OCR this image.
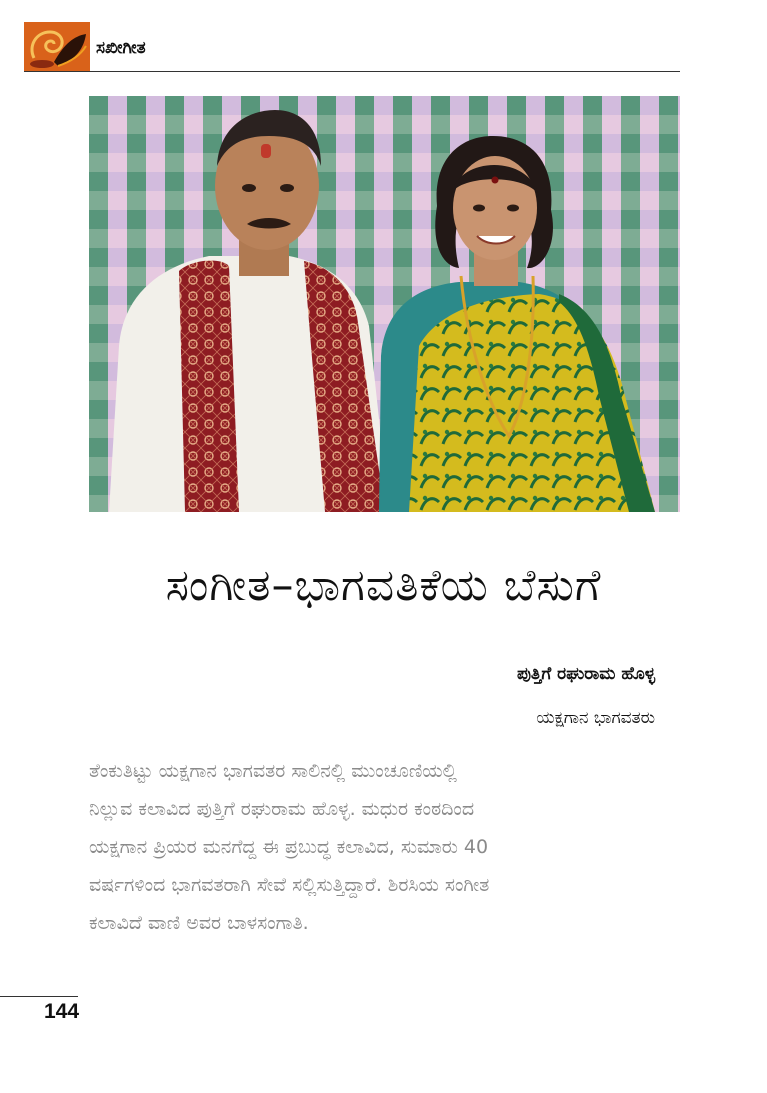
ಸಖೀಗೀತ
ಸಂಗೀತ–ಭಾಗವತಿಕೆಯ ಬೆಸುಗೆ
ಪುತ್ತಿಗೆ ರಘುರಾಮ ಹೊಳ್ಳ
ಯಕ್ಷಗಾನ ಭಾಗವತರು
ತೆಂಕುತಿಟ್ಟು ಯಕ್ಷಗಾನ ಭಾಗವತರ ಸಾಲಿನಲ್ಲಿ ಮುಂಚೂಣಿಯಲ್ಲಿ
ನಿಲ್ಲುವ ಕಲಾವಿದ ಪುತ್ತಿಗೆ ರಘುರಾಮ ಹೊಳ್ಳ. ಮಧುರ ಕಂಠದಿಂದ
ಯಕ್ಷಗಾನ ಪ್ರಿಯರ ಮನಗೆದ್ದ ಈ ಪ್ರಬುದ್ಧ ಕಲಾವಿದ, ಸುಮಾರು 40
ವರ್ಷಗಳಿಂದ ಭಾಗವತರಾಗಿ ಸೇವೆ ಸಲ್ಲಿಸುತ್ತಿದ್ದಾರೆ. ಶಿರಸಿಯ ಸಂಗೀತ
ಕಲಾವಿದೆ ವಾಣಿ ಅವರ ಬಾಳಸಂಗಾತಿ.
144
